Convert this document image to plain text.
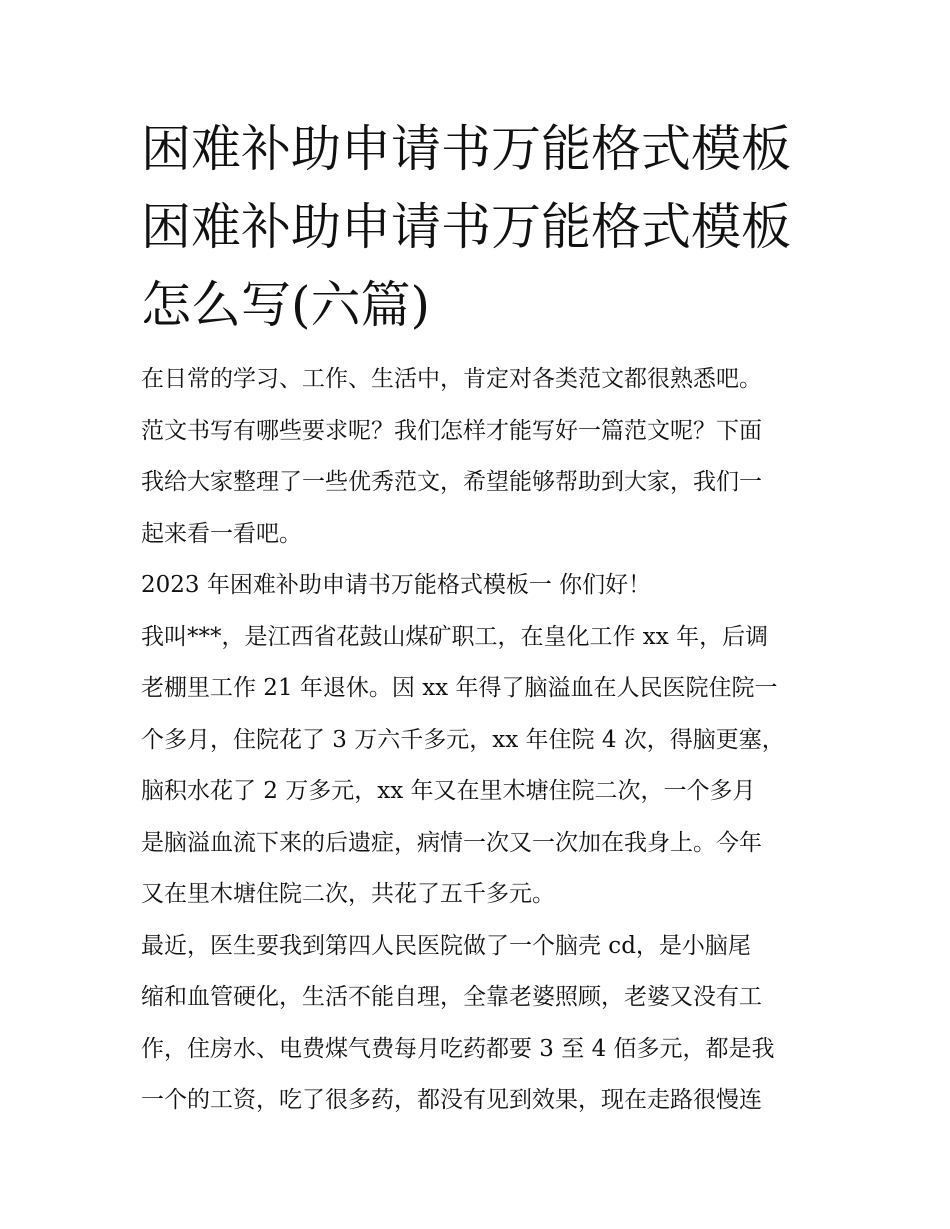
困难补助申请书万能格式模板
困难补助申请书万能格式模板
怎么写(六篇)
在日常的学习、工作、生活中，肯定对各类范文都很熟悉吧。
范文书写有哪些要求呢？我们怎样才能写好一篇范文呢？下面
我给大家整理了一些优秀范文，希望能够帮助到大家，我们一
起来看一看吧。
2023 年困难补助申请书万能格式模板一 你们好！
我叫***，是江西省花鼓山煤矿职工，在皇化工作 xx 年，后调
老棚里工作 21 年退休。因 xx 年得了脑溢血在人民医院住院一
个多月，住院花了 3 万六千多元，xx 年住院 4 次，得脑更塞，
脑积水花了 2 万多元，xx 年又在里木塘住院二次，一个多月
是脑溢血流下来的后遗症，病情一次又一次加在我身上。今年
又在里木塘住院二次，共花了五千多元。
最近，医生要我到第四人民医院做了一个脑壳 cd，是小脑尾
缩和血管硬化，生活不能自理，全靠老婆照顾，老婆又没有工
作，住房水、电费煤气费每月吃药都要 3 至 4 佰多元，都是我
一个的工资，吃了很多药，都没有见到效果，现在走路很慢连
